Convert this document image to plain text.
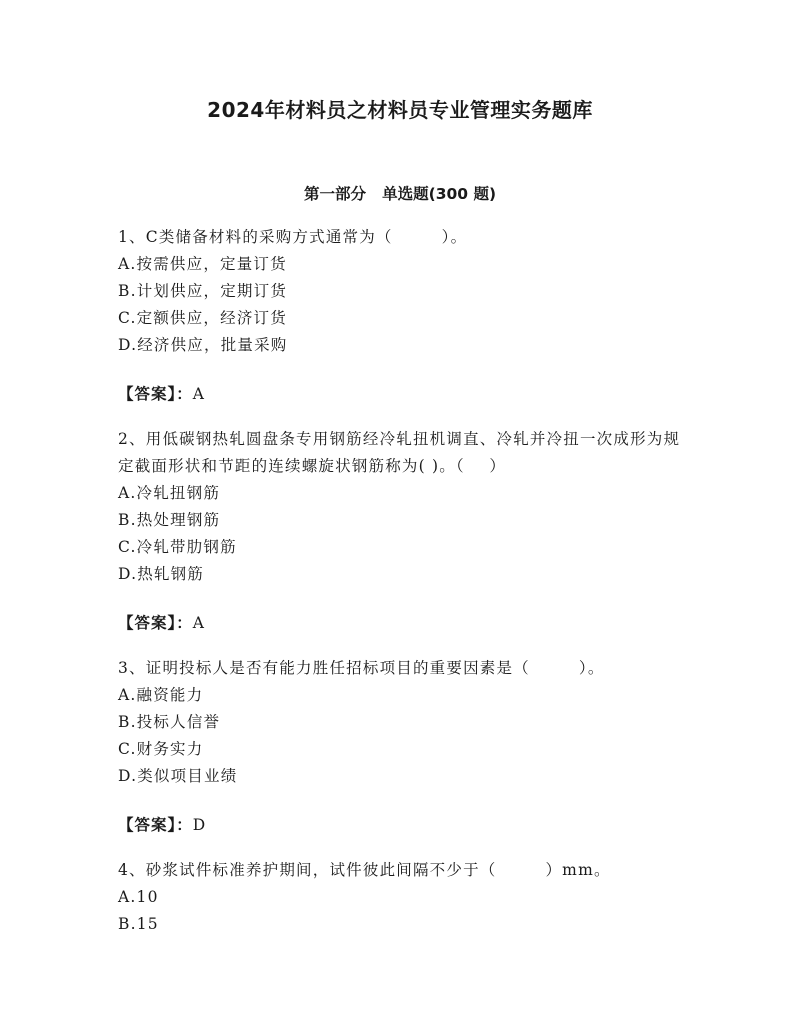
2024年材料员之材料员专业管理实务题库
第一部分   单选题(300 题)
1、C类储备材料的采购方式通常为（        ）。
A.按需供应，定量订货
B.计划供应，定期订货
C.定额供应，经济订货
D.经济供应，批量采购
【答案】：A
2、用低碳钢热轧圆盘条专用钢筋经冷轧扭机调直、冷轧并冷扭一次成形为规定截面形状和节距的连续螺旋状钢筋称为( )。（    ）
A.冷轧扭钢筋
B.热处理钢筋
C.冷轧带肋钢筋
D.热轧钢筋
【答案】：A
3、证明投标人是否有能力胜任招标项目的重要因素是（        ）。
A.融资能力
B.投标人信誉
C.财务实力
D.类似项目业绩
【答案】：D
4、砂浆试件标准养护期间，试件彼此间隔不少于（        ）mm。
A.10
B.15
